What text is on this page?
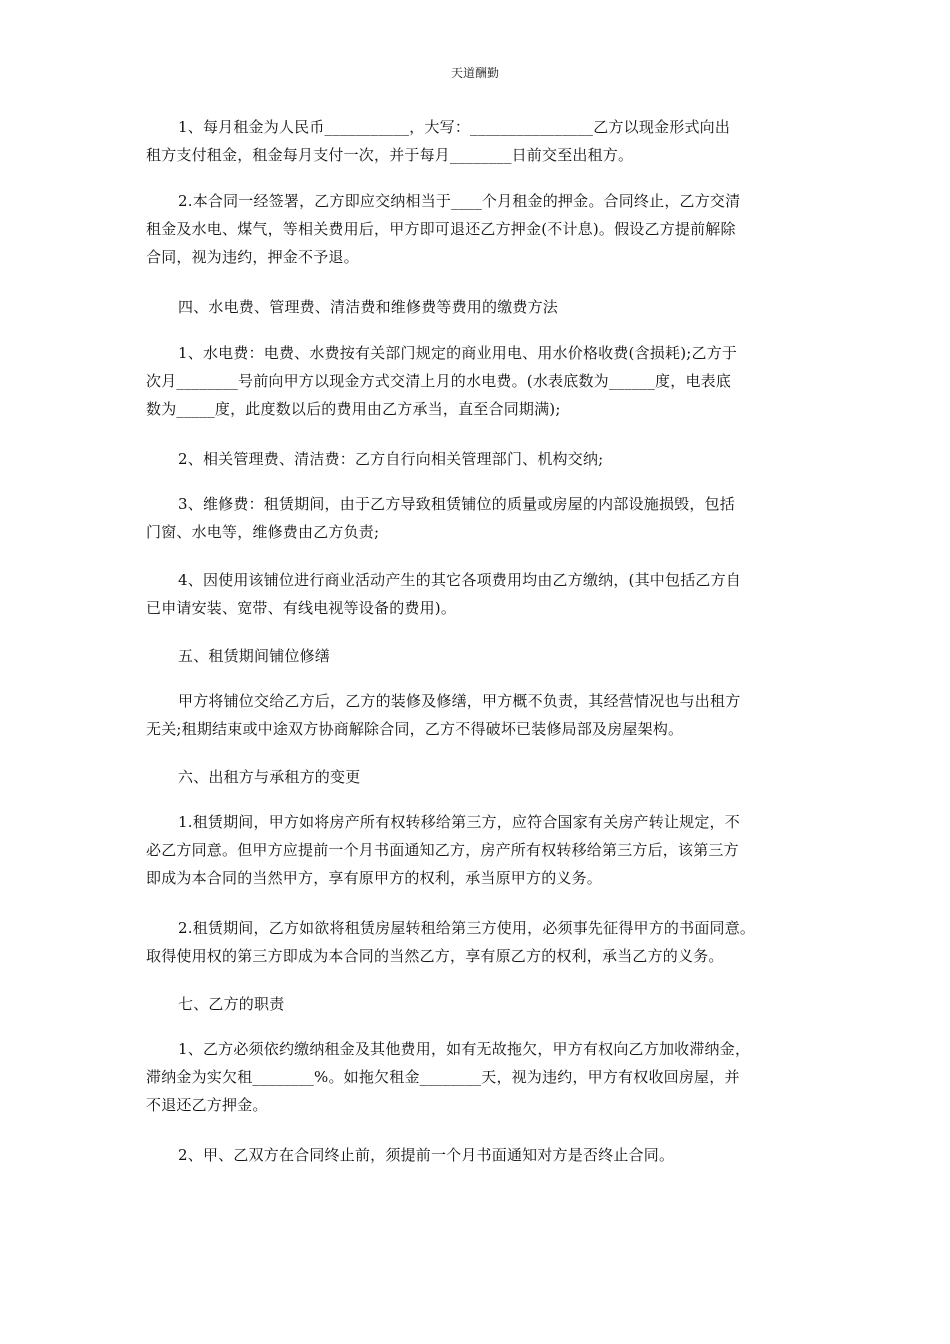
天道酬勤
1、每月租金为人民币___________，大写：________________乙方以现金形式向出
租方支付租金，租金每月支付一次，并于每月________日前交至出租方。
2.本合同一经签署，乙方即应交纳相当于____个月租金的押金。合同终止，乙方交清
租金及水电、煤气，等相关费用后，甲方即可退还乙方押金(不计息)。假设乙方提前解除
合同，视为违约，押金不予退。
四、水电费、管理费、清洁费和维修费等费用的缴费方法
1、水电费：电费、水费按有关部门规定的商业用电、用水价格收费(含损耗);乙方于
次月________号前向甲方以现金方式交清上月的水电费。(水表底数为______度，电表底
数为_____度，此度数以后的费用由乙方承当，直至合同期满);
2、相关管理费、清洁费：乙方自行向相关管理部门、机构交纳;
3、维修费：租赁期间，由于乙方导致租赁铺位的质量或房屋的内部设施损毁，包括
门窗、水电等，维修费由乙方负责;
4、因使用该铺位进行商业活动产生的其它各项费用均由乙方缴纳，(其中包括乙方自
已申请安装、宽带、有线电视等设备的费用)。
五、租赁期间铺位修缮
甲方将铺位交给乙方后，乙方的装修及修缮，甲方概不负责，其经营情况也与出租方
无关;租期结束或中途双方协商解除合同，乙方不得破坏已装修局部及房屋架构。
六、出租方与承租方的变更
1.租赁期间，甲方如将房产所有权转移给第三方，应符合国家有关房产转让规定，不
必乙方同意。但甲方应提前一个月书面通知乙方，房产所有权转移给第三方后，该第三方
即成为本合同的当然甲方，享有原甲方的权利，承当原甲方的义务。
2.租赁期间，乙方如欲将租赁房屋转租给第三方使用，必须事先征得甲方的书面同意。
取得使用权的第三方即成为本合同的当然乙方，享有原乙方的权利，承当乙方的义务。
七、乙方的职责
1、乙方必须依约缴纳租金及其他费用，如有无故拖欠，甲方有权向乙方加收滞纳金，
滞纳金为实欠租________%。如拖欠租金________天，视为违约，甲方有权收回房屋，并
不退还乙方押金。
2、甲、乙双方在合同终止前，须提前一个月书面通知对方是否终止合同。
